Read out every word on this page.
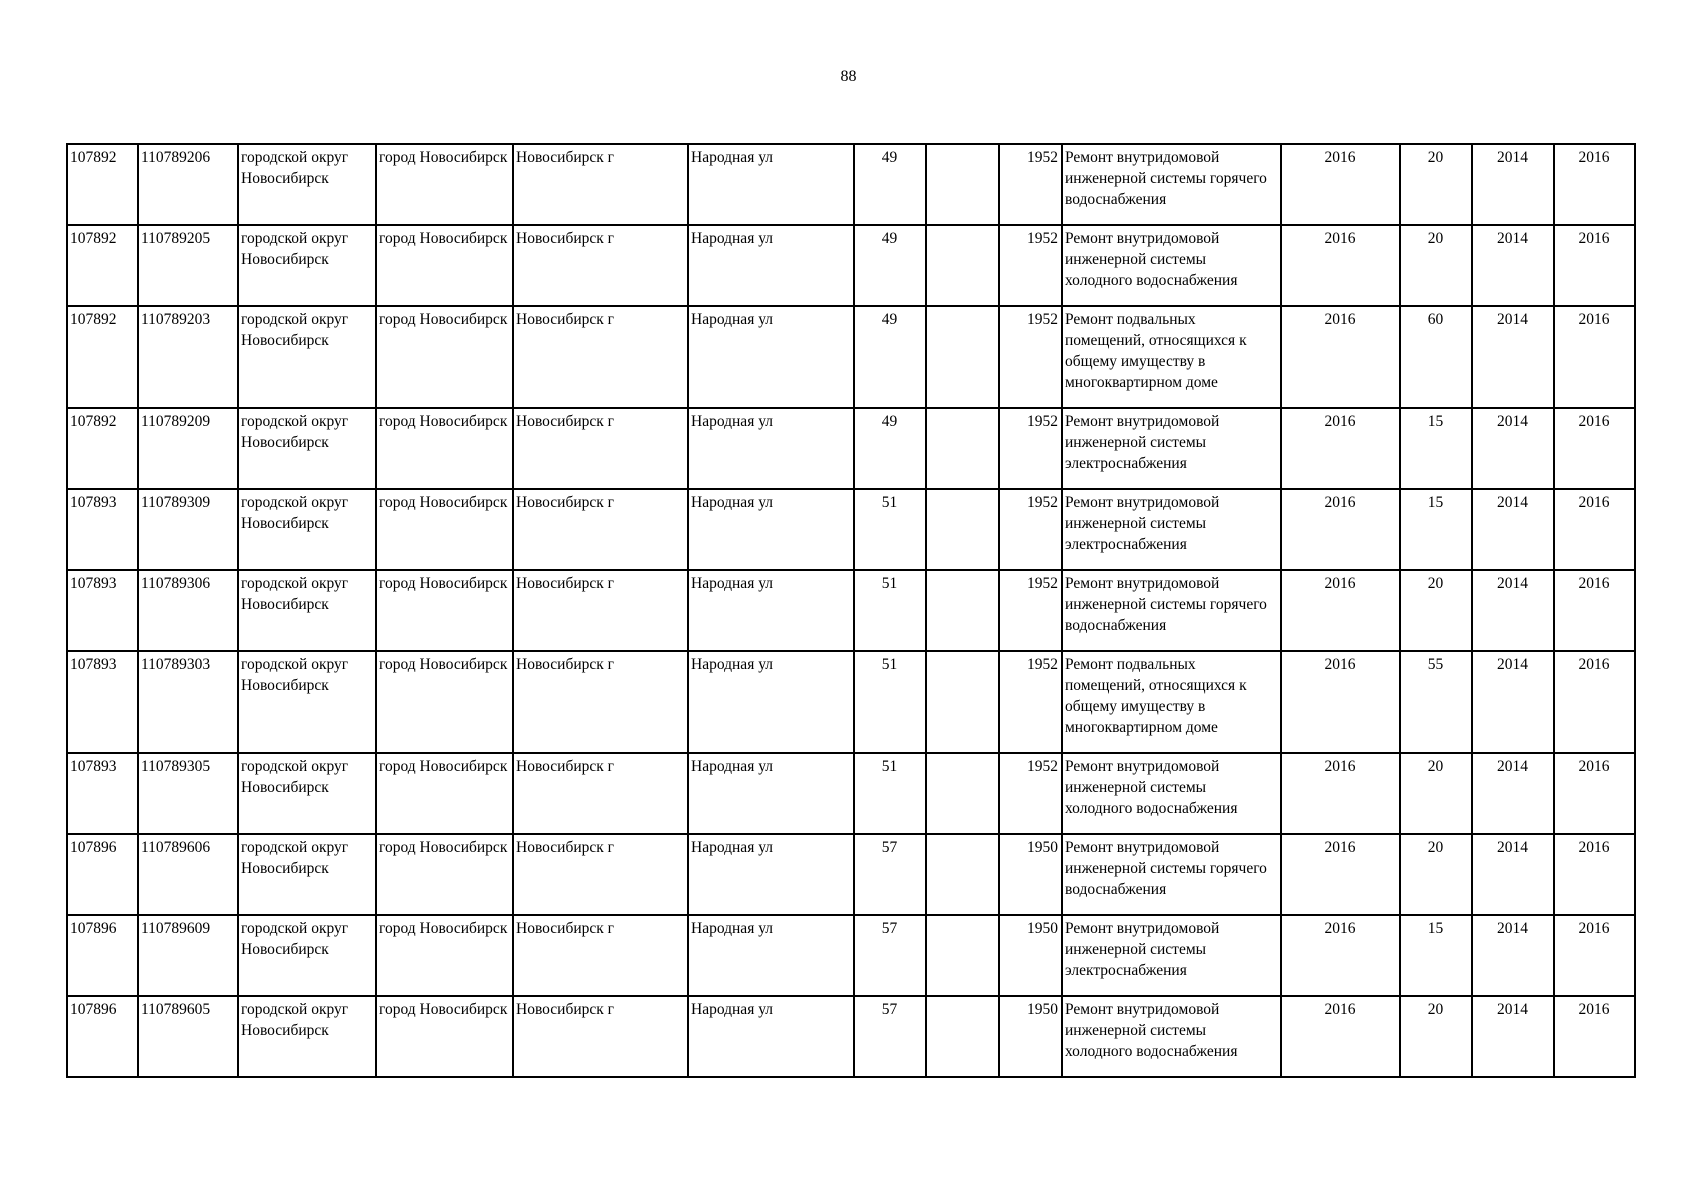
88
107892	110789206	городской округ Новосибирск	город Новосибирск	Новосибирск г	Народная ул	49		1952	Ремонт внутридомовой инженерной системы горячего водоснабжения	2016	20	2014	2016
107892	110789205	городской округ Новосибирск	город Новосибирск	Новосибирск г	Народная ул	49		1952	Ремонт внутридомовой инженерной системы холодного водоснабжения	2016	20	2014	2016
107892	110789203	городской округ Новосибирск	город Новосибирск	Новосибирск г	Народная ул	49		1952	Ремонт подвальных помещений, относящихся к общему имуществу в многоквартирном доме	2016	60	2014	2016
107892	110789209	городской округ Новосибирск	город Новосибирск	Новосибирск г	Народная ул	49		1952	Ремонт внутридомовой инженерной системы электроснабжения	2016	15	2014	2016
107893	110789309	городской округ Новосибирск	город Новосибирск	Новосибирск г	Народная ул	51		1952	Ремонт внутридомовой инженерной системы электроснабжения	2016	15	2014	2016
107893	110789306	городской округ Новосибирск	город Новосибирск	Новосибирск г	Народная ул	51		1952	Ремонт внутридомовой инженерной системы горячего водоснабжения	2016	20	2014	2016
107893	110789303	городской округ Новосибирск	город Новосибирск	Новосибирск г	Народная ул	51		1952	Ремонт подвальных помещений, относящихся к общему имуществу в многоквартирном доме	2016	55	2014	2016
107893	110789305	городской округ Новосибирск	город Новосибирск	Новосибирск г	Народная ул	51		1952	Ремонт внутридомовой инженерной системы холодного водоснабжения	2016	20	2014	2016
107896	110789606	городской округ Новосибирск	город Новосибирск	Новосибирск г	Народная ул	57		1950	Ремонт внутридомовой инженерной системы горячего водоснабжения	2016	20	2014	2016
107896	110789609	городской округ Новосибирск	город Новосибирск	Новосибирск г	Народная ул	57		1950	Ремонт внутридомовой инженерной системы электроснабжения	2016	15	2014	2016
107896	110789605	городской округ Новосибирск	город Новосибирск	Новосибирск г	Народная ул	57		1950	Ремонт внутридомовой инженерной системы холодного водоснабжения	2016	20	2014	2016
